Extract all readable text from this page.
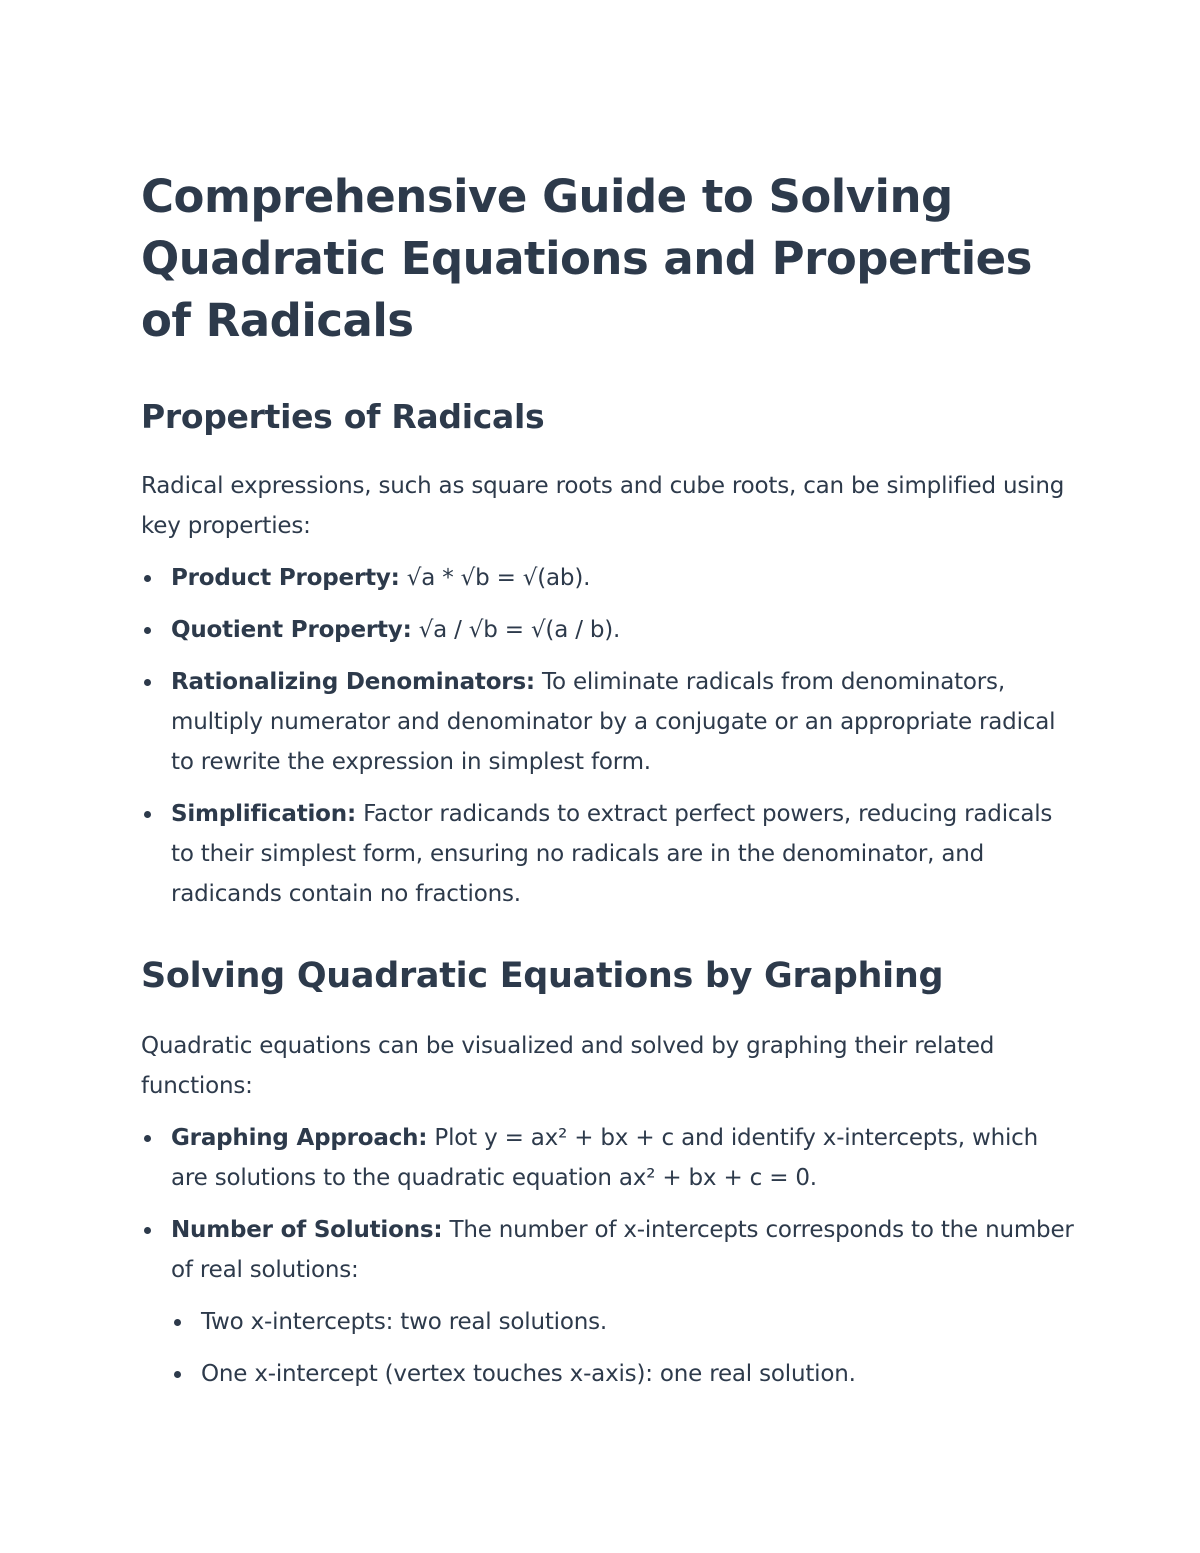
Comprehensive Guide to Solving Quadratic Equations and Properties of Radicals
Properties of Radicals

Radical expressions, such as square roots and cube roots, can be simplified using key properties:

Product Property: √a * √b = √(ab).
Quotient Property: √a / √b = √(a / b).
Rationalizing Denominators: To eliminate radicals from denominators, multiply numerator and denominator by a conjugate or an appropriate radical to rewrite the expression in simplest form.
Simplification: Factor radicands to extract perfect powers, reducing radicals to their simplest form, ensuring no radicals are in the denominator, and radicands contain no fractions.
Solving Quadratic Equations by Graphing

Quadratic equations can be visualized and solved by graphing their related functions:

Graphing Approach: Plot y = ax² + bx + c and identify x-intercepts, which are solutions to the quadratic equation ax² + bx + c = 0.
Number of Solutions: The number of x-intercepts corresponds to the number of real solutions:
Two x-intercepts: two real solutions.
One x-intercept (vertex touches x-axis): one real solution.
